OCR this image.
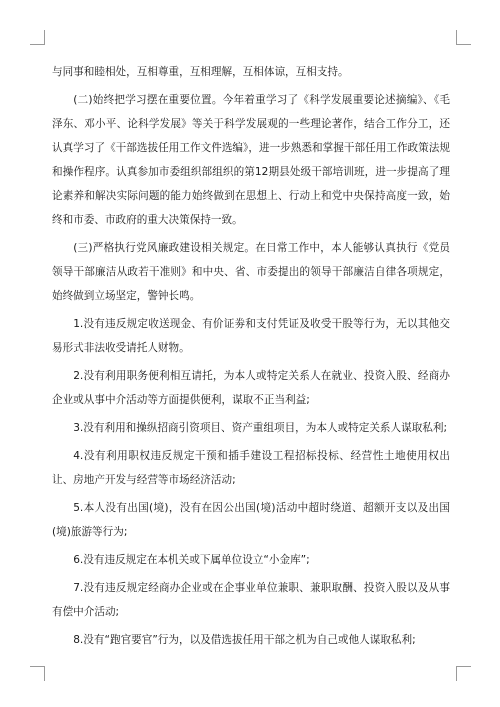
与同事和睦相处，互相尊重，互相理解，互相体谅，互相支持。

(二)始终把学习摆在重要位置。今年着重学习了《科学发展重要论述摘编》、《毛泽东、邓小平、论科学发展》等关于科学发展观的一些理论著作，结合工作分工，还认真学习了《干部选拔任用工作文件选编》，进一步熟悉和掌握干部任用工作政策法规和操作程序。认真参加市委组织部组织的第12期县处级干部培训班，进一步提高了理论素养和解决实际问题的能力始终做到在思想上、行动上和党中央保持高度一致，始终和市委、市政府的重大决策保持一致。

(三)严格执行党风廉政建设相关规定。在日常工作中，本人能够认真执行《党员领导干部廉洁从政若干准则》和中央、省、市委提出的领导干部廉洁自律各项规定，始终做到立场坚定，警钟长鸣。

1.没有违反规定收送现金、有价证劵和支付凭证及收受干股等行为，无以其他交易形式非法收受请托人财物。

2.没有利用职务便利相互请托，为本人或特定关系人在就业、投资入股、经商办企业或从事中介活动等方面提供便利，谋取不正当利益;

3.没有利用和操纵招商引资项目、资产重组项目，为本人或特定关系人谋取私利;

4.没有利用职权违反规定干预和插手建设工程招标投标、经营性土地使用权出让、房地产开发与经营等市场经济活动;

5.本人没有出国(境)，没有在因公出国(境)活动中超时绕道、超额开支以及出国(境)旅游等行为;

6.没有违反规定在本机关或下属单位设立“小金库”;

7.没有违反规定经商办企业或在企事业单位兼职、兼职取酬、投资入股以及从事有偿中介活动;

8.没有“跑官要官”行为，以及借选拔任用干部之机为自己或他人谋取私利;
